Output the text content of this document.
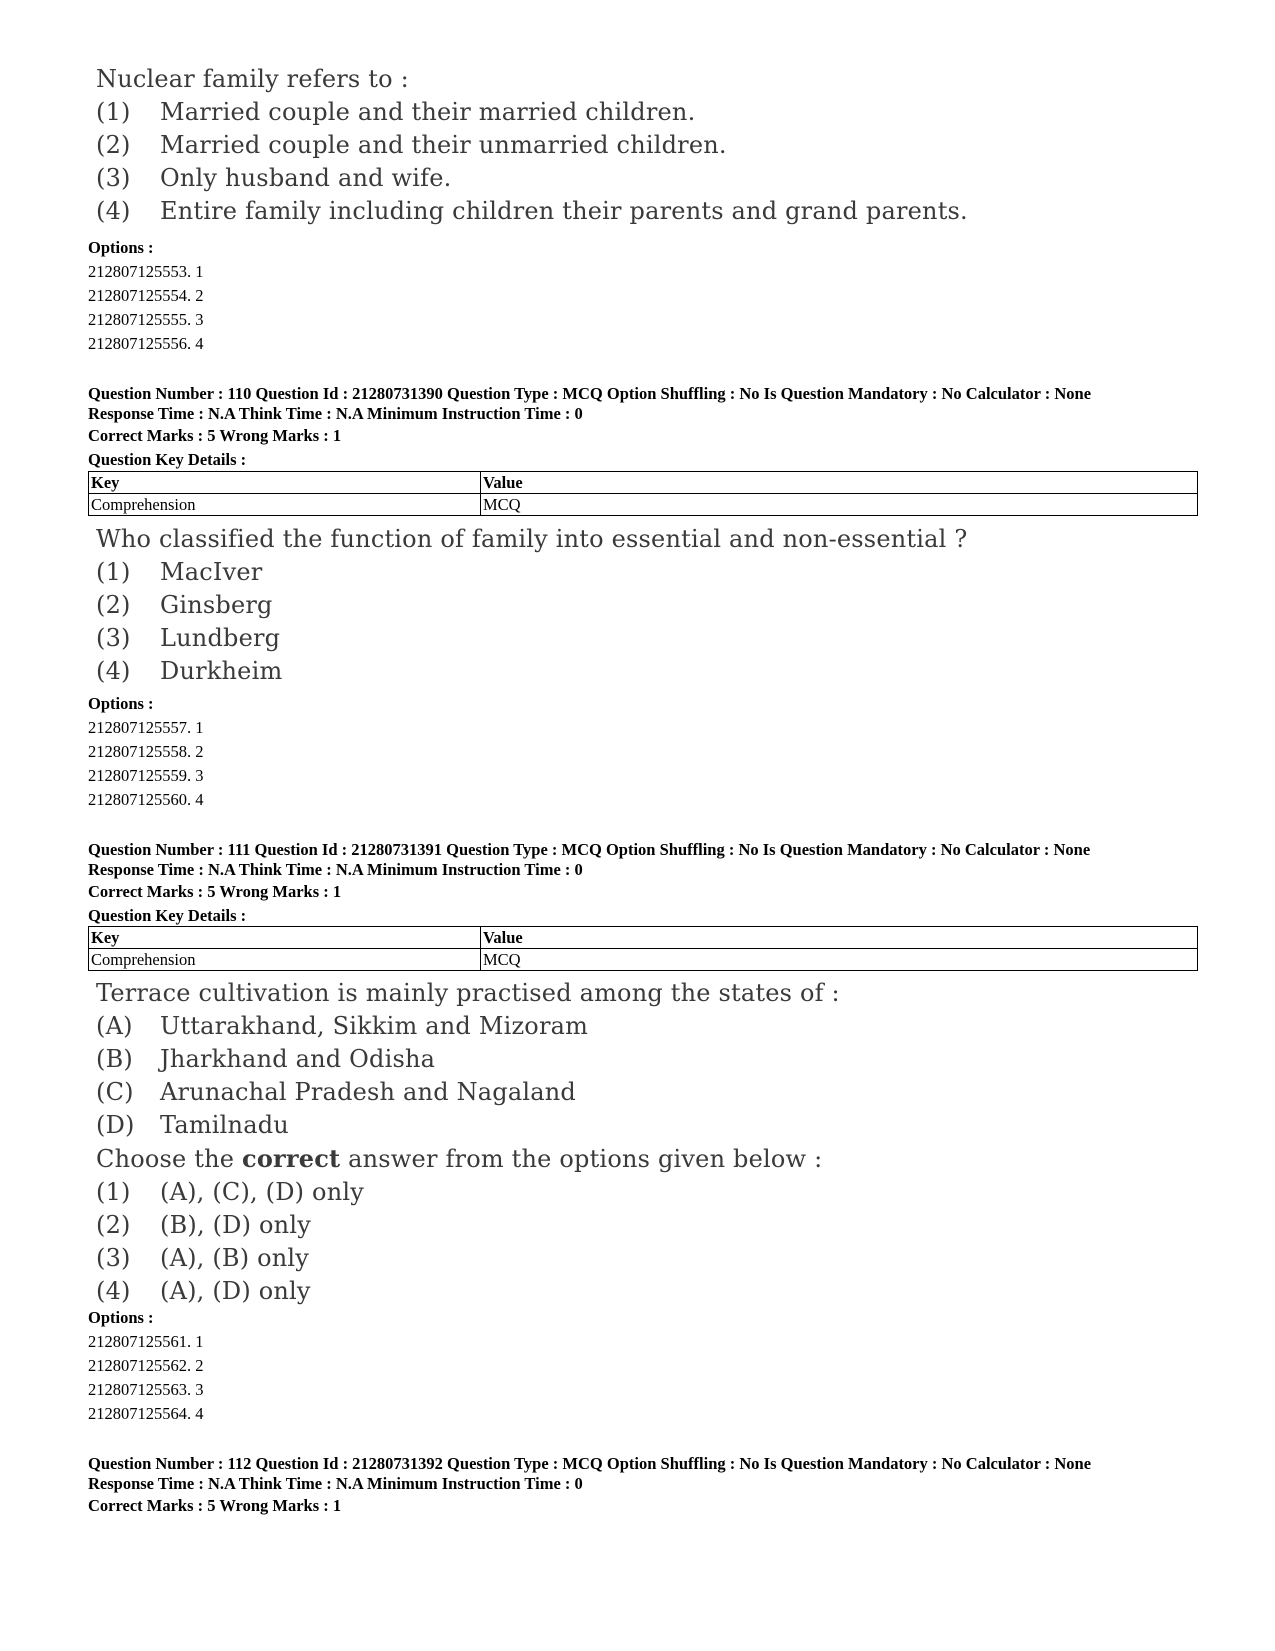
Nuclear family refers to :
(1) Married couple and their married children.
(2) Married couple and their unmarried children.
(3) Only husband and wife.
(4) Entire family including children their parents and grand parents.
Options :
212807125553. 1
212807125554. 2
212807125555. 3
212807125556. 4
Question Number : 110 Question Id : 21280731390 Question Type : MCQ Option Shuffling : No Is Question Mandatory : No Calculator : None
Response Time : N.A Think Time : N.A Minimum Instruction Time : 0
Correct Marks : 5 Wrong Marks : 1
Question Key Details :
Key	Value
Comprehension	MCQ
Who classified the function of family into essential and non-essential ?
(1) MacIver
(2) Ginsberg
(3) Lundberg
(4) Durkheim
Options :
212807125557. 1
212807125558. 2
212807125559. 3
212807125560. 4
Question Number : 111 Question Id : 21280731391 Question Type : MCQ Option Shuffling : No Is Question Mandatory : No Calculator : None
Response Time : N.A Think Time : N.A Minimum Instruction Time : 0
Correct Marks : 5 Wrong Marks : 1
Question Key Details :
Key	Value
Comprehension	MCQ
Terrace cultivation is mainly practised among the states of :
(A) Uttarakhand, Sikkim and Mizoram
(B) Jharkhand and Odisha
(C) Arunachal Pradesh and Nagaland
(D) Tamilnadu
Choose the correct answer from the options given below :
(1) (A), (C), (D) only
(2) (B), (D) only
(3) (A), (B) only
(4) (A), (D) only
Options :
212807125561. 1
212807125562. 2
212807125563. 3
212807125564. 4
Question Number : 112 Question Id : 21280731392 Question Type : MCQ Option Shuffling : No Is Question Mandatory : No Calculator : None
Response Time : N.A Think Time : N.A Minimum Instruction Time : 0
Correct Marks : 5 Wrong Marks : 1
